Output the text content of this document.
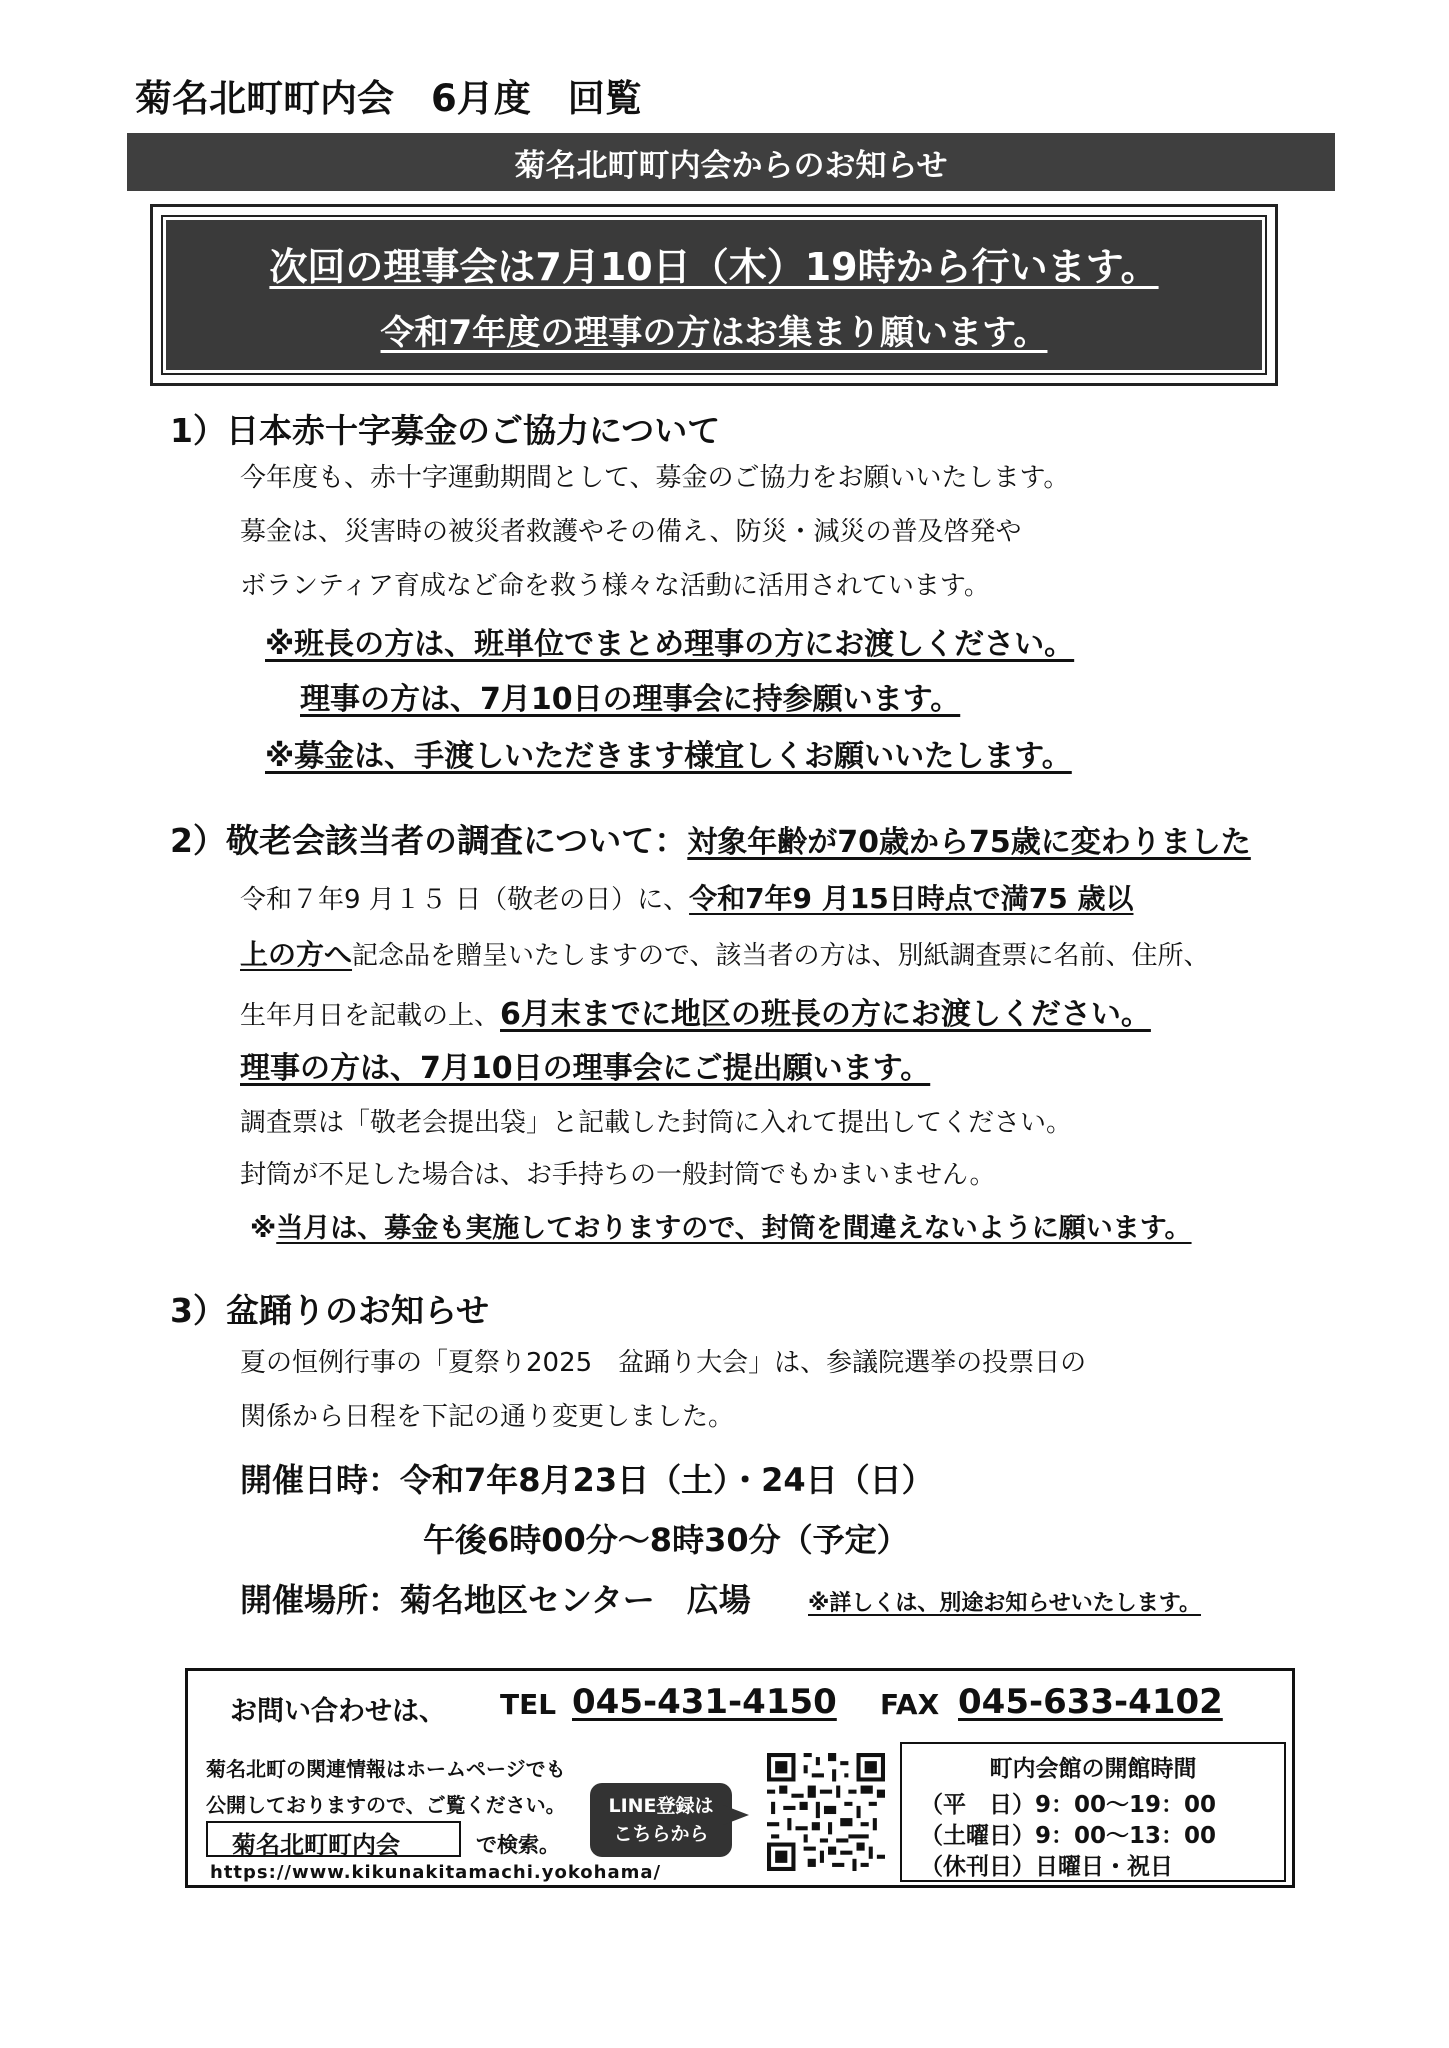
菊名北町町内会　6月度　回覧
菊名北町町内会からのお知らせ
次回の理事会は7月10日（木）19時から行います。
令和7年度の理事の方はお集まり願います。
1）日本赤十字募金のご協力について
今年度も、赤十字運動期間として、募金のご協力をお願いいたします。
募金は、災害時の被災者救護やその備え、防災・減災の普及啓発や
ボランティア育成など命を救う様々な活動に活用されています。
※班長の方は、班単位でまとめ理事の方にお渡しください。
理事の方は、7月10日の理事会に持参願います。
※募金は、手渡しいただきます様宜しくお願いいたします。
2）敬老会該当者の調査について：対象年齢が70歳から75歳に変わりました
令和７年9 月１５ 日（敬老の日）に、令和7年9 月15日時点で満75 歳以
上の方へ記念品を贈呈いたしますので、該当者の方は、別紙調査票に名前、住所、
生年月日を記載の上、6月末までに地区の班長の方にお渡しください。
理事の方は、7月10日の理事会にご提出願います。
調査票は「敬老会提出袋」と記載した封筒に入れて提出してください。
封筒が不足した場合は、お手持ちの一般封筒でもかまいません。
※当月は、募金も実施しておりますので、封筒を間違えないように願います。
3）盆踊りのお知らせ
夏の恒例行事の「夏祭り2025　盆踊り大会」は、参議院選挙の投票日の
関係から日程を下記の通り変更しました。
開催日時：令和7年8月23日（土）・24日（日）
午後6時00分～8時30分（予定）
開催場所：菊名地区センター　広場	※詳しくは、別途お知らせいたします。
お問い合わせは、 TEL 045-431-4150 FAX 045-633-4102
菊名北町の関連情報はホームページでも
公開しておりますので、ご覧ください。
菊名北町町内会	で検索。
https://www.kikunakitamachi.yokohama/
LINE登録は
こちらから
町内会館の開館時間
（平　日）9：00～19：00
（土曜日）9：00～13：00
（休刊日）日曜日・祝日
